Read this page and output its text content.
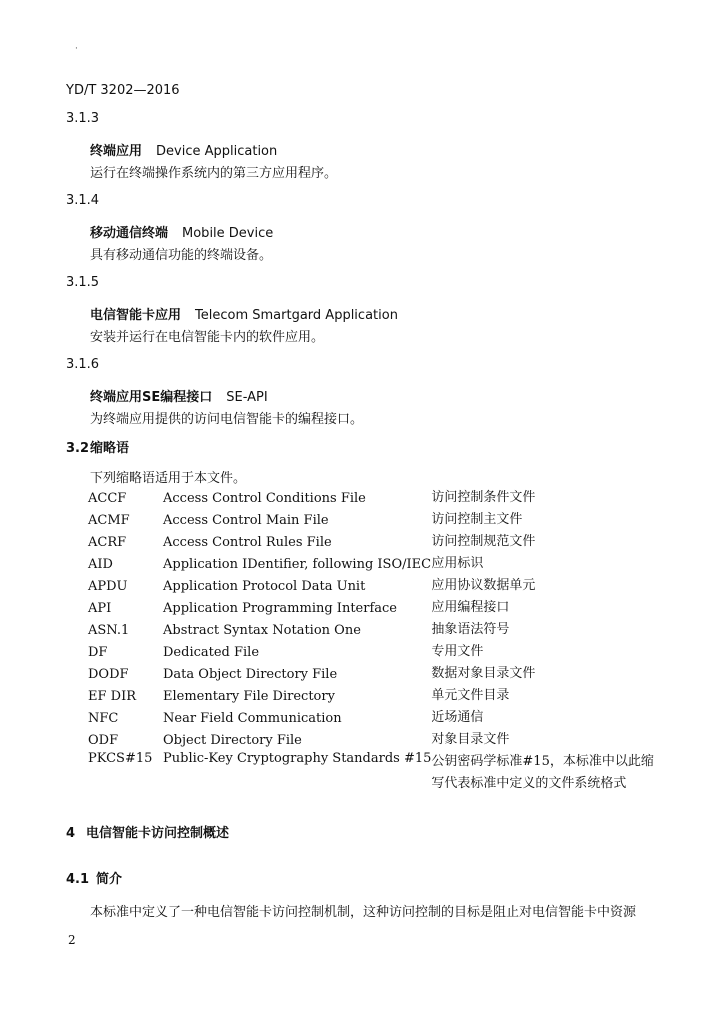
·
YD/T 3202—2016
3.1.3
终端应用 Device Application
运行在终端操作系统内的第三方应用程序。
3.1.4
移动通信终端 Mobile Device
具有移动通信功能的终端设备。
3.1.5
电信智能卡应用 Telecom Smartgard Application
安装并运行在电信智能卡内的软件应用。
3.1.6
终端应用SE编程接口 SE-API
为终端应用提供的访问电信智能卡的编程接口。
3.2缩略语
下列缩略语适用于本文件。
ACCF	Access Control Conditions File	访问控制条件文件
ACMF	Access Control Main File	访问控制主文件
ACRF	Access Control Rules File	访问控制规范文件
AID	Application IDentifier, following ISO/IEC	应用标识
APDU	Application Protocol Data Unit	应用协议数据单元
API	Application Programming Interface	应用编程接口
ASN.1	Abstract Syntax Notation One	抽象语法符号
DF	Dedicated File	专用文件
DODF	Data Object Directory File	数据对象目录文件
EF DIR	Elementary File Directory	单元文件目录
NFC	Near Field Communication	近场通信
ODF	Object Directory File	对象目录文件
PKCS#15	Public-Key Cryptography Standards #15	公钥密码学标准#15，本标准中以此缩
写代表标准中定义的文件系统格式
4 电信智能卡访问控制概述
4.1 简介
本标准中定义了一种电信智能卡访问控制机制，这种访问控制的目标是阻止对电信智能卡中资源
2
